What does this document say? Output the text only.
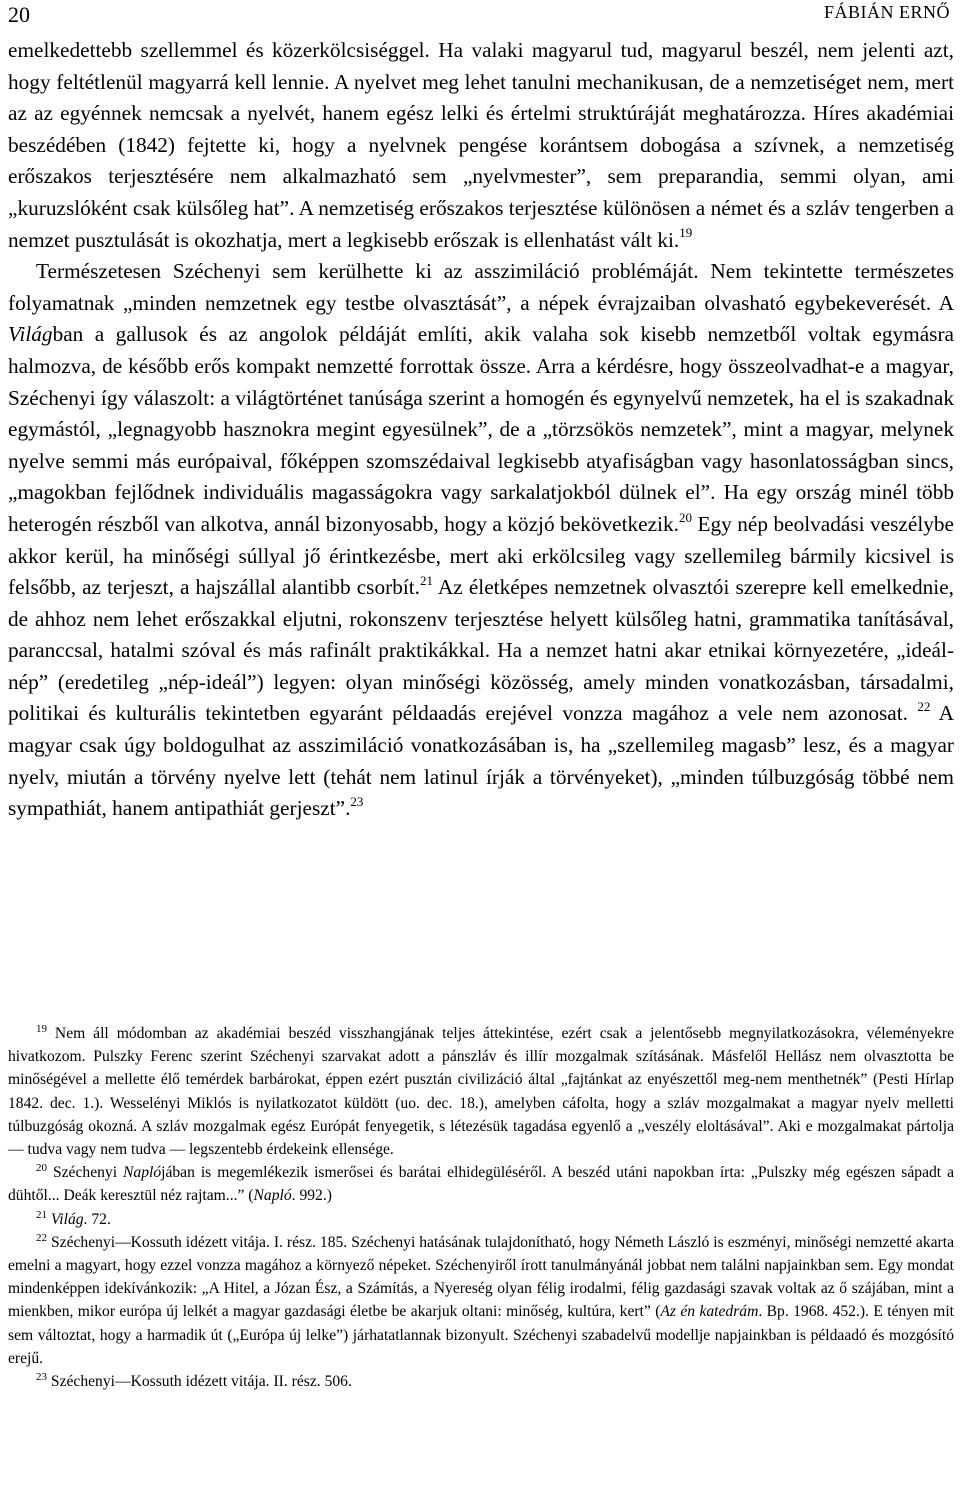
20	FÁBIÁN ERNŐ

emelkedettebb szellemmel és közerkölcsiséggel. Ha valaki magyarul tud, magyarul beszél, nem jelenti azt, hogy feltétlenül magyarrá kell lennie. A nyelvet meg lehet tanulni mechanikusan, de a nemzetiséget nem, mert az az egyénnek nemcsak a nyelvét, hanem egész lelki és értelmi struktúráját meghatározza. Híres akadémiai beszédében (1842) fejtette ki, hogy a nyelvnek pengése korántsem dobogása a szívnek, a nemzetiség erőszakos terjesztésére nem alkalmazható sem „nyelvmester”, sem preparandia, semmi olyan, ami „kuruzslóként csak külsőleg hat”. A nemzetiség erőszakos terjesztése különösen a német és a szláv tengerben a nemzet pusztulását is okozhatja, mert a legkisebb erőszak is ellenhatást vált ki.$^{19}$

Természetesen Széchenyi sem kerülhette ki az asszimiláció problémáját. Nem tekintette természetes folyamatnak „minden nemzetnek egy testbe olvasztását”, a népek évrajzaiban olvasható egybekeverését. A Világban a gallusok és az angolok példáját említi, akik valaha sok kisebb nemzetből voltak egymásra halmozva, de később erős kompakt nemzetté forrottak össze. Arra a kérdésre, hogy összeolvadhat-e a magyar, Széchenyi így válaszolt: a világtörténet tanúsága szerint a homogén és egynyelvű nemzetek, ha el is szakadnak egymástól, „legnagyobb hasznokra megint egyesülnek”, de a „törzsökös nemzetek”, mint a magyar, melynek nyelve semmi más európaival, főképpen szomszédaival legkisebb atyafiságban vagy hasonlatosságban sincs, „magokban fejlődnek individuális magasságokra vagy sarkalatjokból dülnek el”. Ha egy ország minél több heterogén részből van alkotva, annál bizonyosabb, hogy a közjó bekövetkezik.$^{20}$ Egy nép beolvadási veszélybe akkor kerül, ha minőségi súllyal jő érintkezésbe, mert aki erkölcsileg vagy szellemileg bármily kicsivel is felsőbb, az terjeszt, a hajszállal alantibb csorbít.$^{21}$ Az életképes nemzetnek olvasztói szerepre kell emelkednie, de ahhoz nem lehet erőszakkal eljutni, rokonszenv terjesztése helyett külsőleg hatni, grammatika tanításával, paranccsal, hatalmi szóval és más rafinált praktikákkal. Ha a nemzet hatni akar etnikai környezetére, „ideál-nép” (eredetileg „nép-ideál”) legyen: olyan minőségi közösség, amely minden vonatkozásban, társadalmi, politikai és kulturális tekintetben egyaránt példaadás erejével vonzza magához a vele nem azonosat. $^{22}$ A magyar csak úgy boldogulhat az asszimiláció vonatkozásában is, ha „szellemileg magasb” lesz, és a magyar nyelv, miután a törvény nyelve lett (tehát nem latinul írják a törvényeket), „minden túlbuzgóság többé nem sympathiát, hanem antipathiát gerjeszt”.$^{23}$

$^{19}$ Nem áll módomban az akadémiai beszéd visszhangjának teljes áttekintése, ezért csak a jelentősebb megnyilatkozásokra, véleményekre hivatkozom. Pulszky Ferenc szerint Széchenyi szarvakat adott a pánszláv és illír mozgalmak szításának. Másfelől Hellász nem olvasztotta be minőségével a mellette élő temérdek barbárokat, éppen ezért pusztán civilizáció által „fajtánkat az enyészettől meg-nem menthetnék” (Pesti Hírlap 1842. dec. 1.). Wesselényi Miklós is nyilatkozatot küldött (uo. dec. 18.), amelyben cáfolta, hogy a szláv mozgalmakat a magyar nyelv melletti túlbuzgóság okozná. A szláv mozgalmak egész Európát fenyegetik, s létezésük tagadása egyenlő a „veszély eloltásával”. Aki e mozgalmakat pártolja — tudva vagy nem tudva — legszentebb érdekeink ellensége.

$^{20}$ Széchenyi Naplójában is megemlékezik ismerősei és barátai elhidegüléséről. A beszéd utáni napokban írta: „Pulszky még egészen sápadt a dühtől... Deák keresztül néz rajtam...” (Napló. 992.)

$^{21}$ Világ. 72.

$^{22}$ Széchenyi—Kossuth idézett vitája. I. rész. 185. Széchenyi hatásának tulajdonítható, hogy Németh László is eszményi, minőségi nemzetté akarta emelni a magyart, hogy ezzel vonzza magához a környező népeket. Széchenyiről írott tanulmányánál jobbat nem találni napjainkban sem. Egy mondat mindenképpen idekívánkozik: „A Hitel, a Józan Ész, a Számítás, a Nyereség olyan félig irodalmi, félig gazdasági szavak voltak az ő szájában, mint a mienkben, mikor európa új lelkét a magyar gazdasági életbe be akarjuk oltani: minőség, kultúra, kert” (Az én katedrám. Bp. 1968. 452.). E tényen mit sem változtat, hogy a harmadik út („Európa új lelke”) járhatatlannak bizonyult. Széchenyi szabadelvű modellje napjainkban is példaadó és mozgósító erejű.

$^{23}$ Széchenyi—Kossuth idézett vitája. II. rész. 506.
